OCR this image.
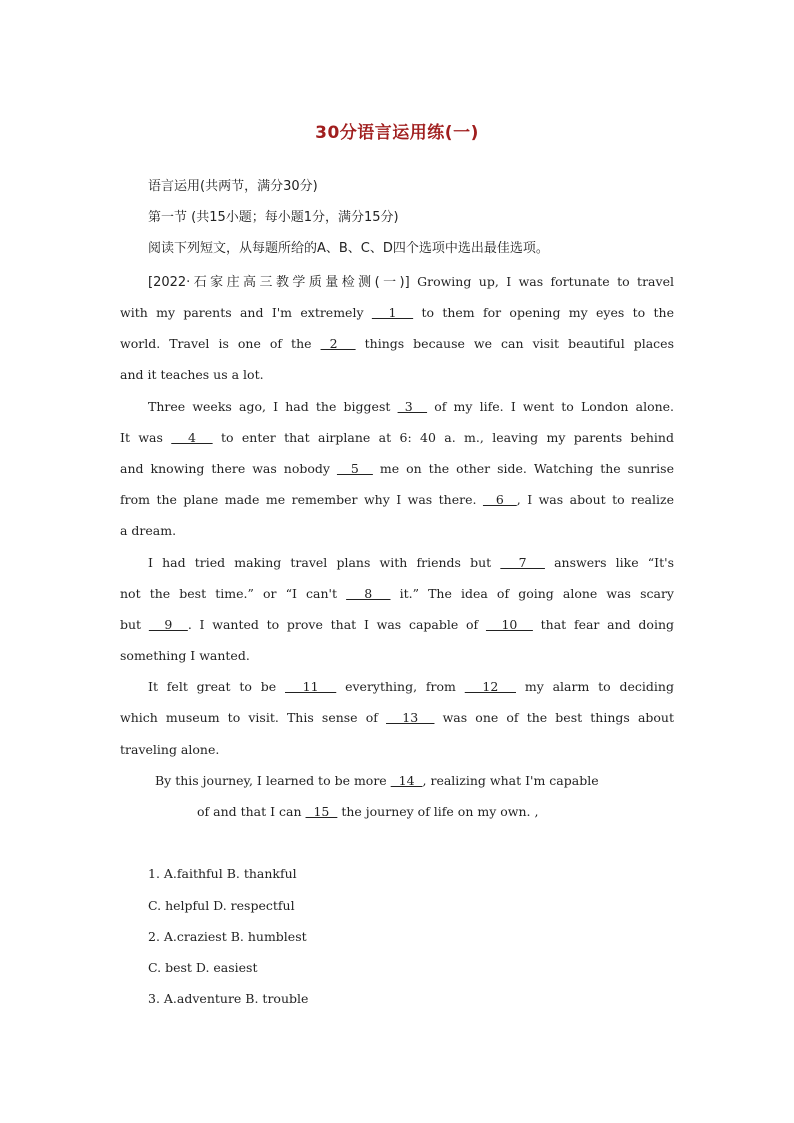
30分语言运用练(一)
语言运用(共两节，满分30分)
第一节 (共15小题；每小题1分，满分15分)
阅读下列短文，从每题所给的A、B、C、D四个选项中选出最佳选项。
[2022·石家庄高三教学质量检测(一)] Growing up, I was fortunate to travel
with my parents and I'm extremely   1   to them for opening my eyes to the
world. Travel is one of the  2   things because we can visit beautiful places
and it teaches us a lot.
Three weeks ago, I had the biggest  3   of my life. I went to London alone.
It was   4   to enter that airplane at 6: 40 a. m., leaving my parents behind
and knowing there was nobody   5   me on the other side. Watching the sunrise
from the plane made me remember why I was there.   6  , I was about to realize
a dream.
I had tried making travel plans with friends but   7   answers like “It's
not the best time.” or “I can't   8   it.” The idea of going alone was scary
but   9  . I wanted to prove that I was capable of   10   that fear and doing
something I wanted.
It felt great to be   11   everything, from   12   my alarm to deciding
which museum to visit. This sense of   13   was one of the best things about
traveling alone.
By this journey, I learned to be more   14  , realizing what I'm capable
of and that I can   15   the journey of life on my own. ,
1. A.faithful B. thankful
C. helpful D. respectful
2. A.craziest B. humblest
C. best D. easiest
3. A.adventure B. trouble
